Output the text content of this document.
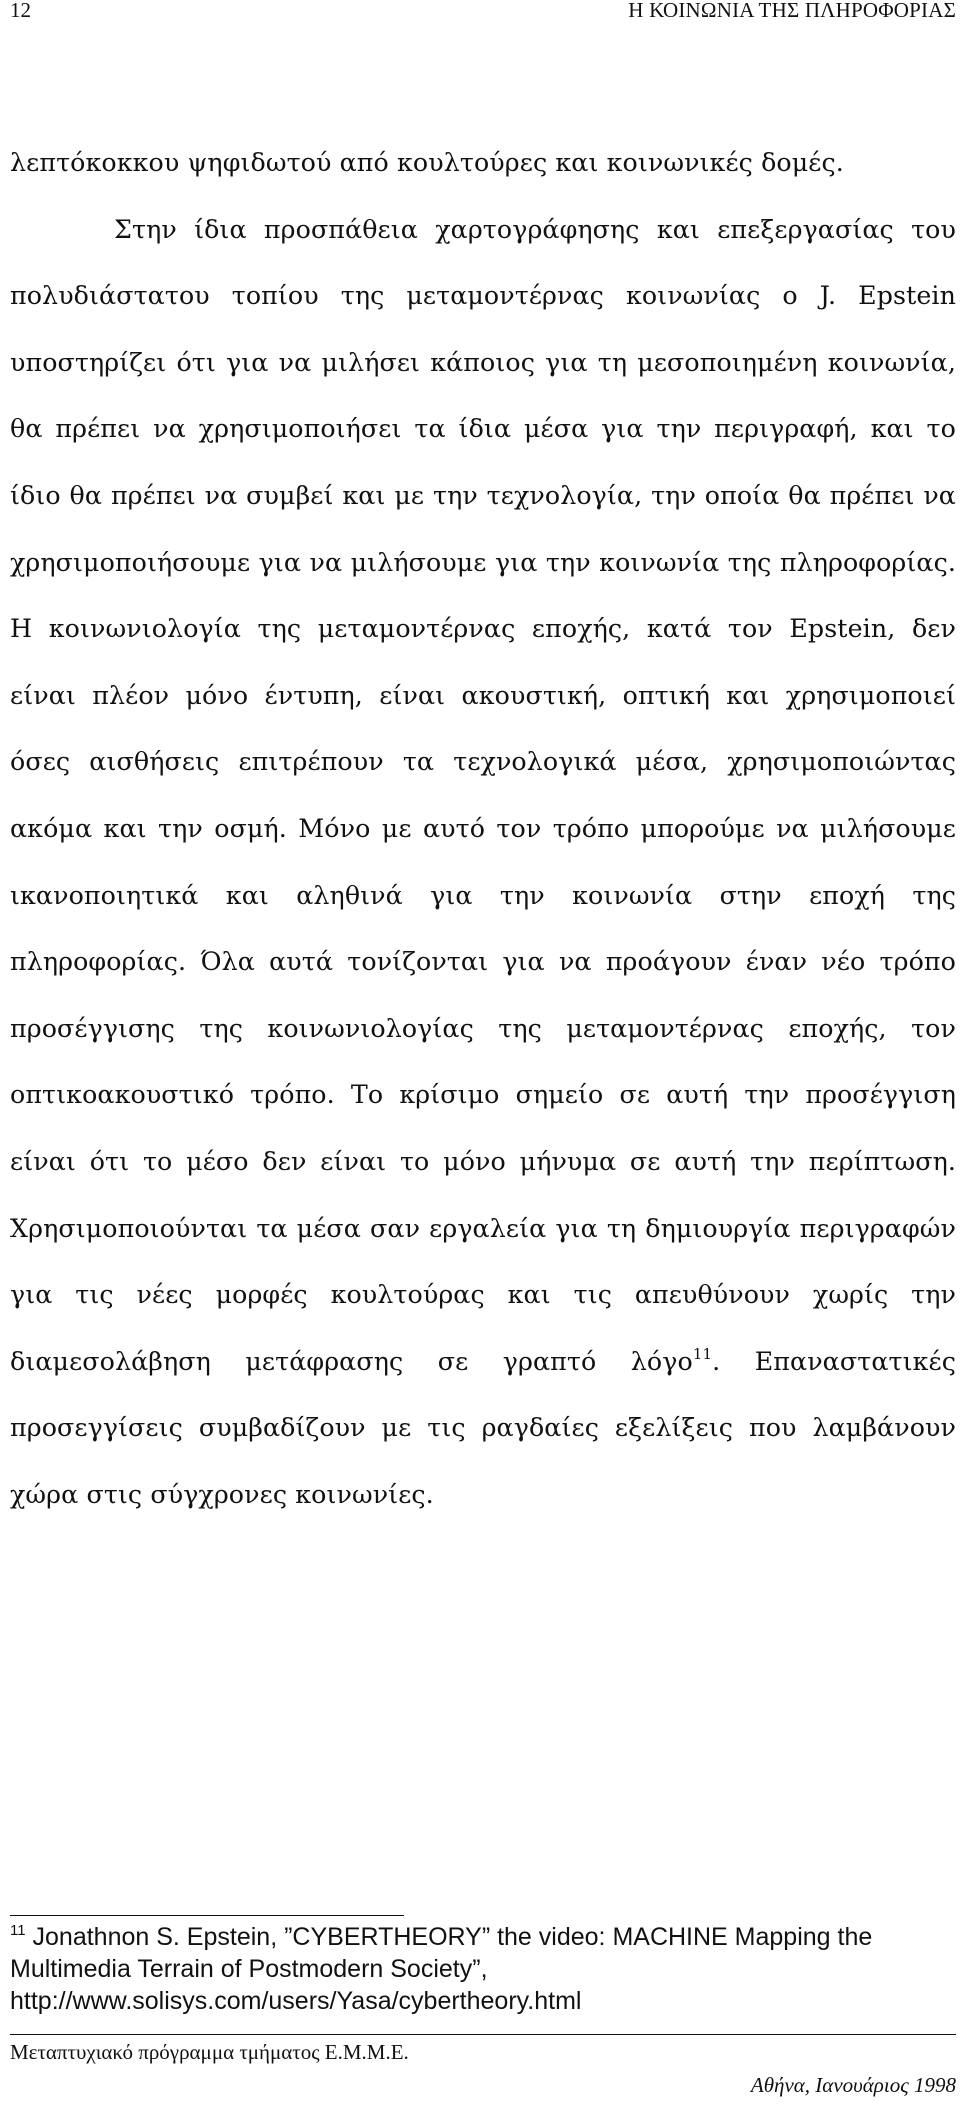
12	Η ΚΟΙΝΩΝΙΑ ΤΗΣ ΠΛΗΡΟΦΟΡΙΑΣ

λεπτόκοκκου ψηφιδωτού από κουλτούρες και κοινωνικές δομές.

Στην ίδια προσπάθεια χαρτογράφησης και επεξεργασίας του πολυδιάστατου τοπίου της μεταμοντέρνας κοινωνίας ο J. Epstein υποστηρίζει ότι για να μιλήσει κάποιος για τη μεσοποιημένη κοινωνία, θα πρέπει να χρησιμοποιήσει τα ίδια μέσα για την περιγραφή, και το ίδιο θα πρέπει να συμβεί και με την τεχνολογία, την οποία θα πρέπει να χρησιμοποιήσουμε για να μιλήσουμε για την κοινωνία της πληροφορίας. Η κοινωνιολογία της μεταμοντέρνας εποχής, κατά τον Epstein, δεν είναι πλέον μόνο έντυπη, είναι ακουστική, οπτική και χρησιμοποιεί όσες αισθήσεις επιτρέπουν τα τεχνολογικά μέσα, χρησιμοποιώντας ακόμα και την οσμή. Μόνο με αυτό τον τρόπο μπορούμε να μιλήσουμε ικανοποιητικά και αληθινά για την κοινωνία στην εποχή της πληροφορίας. Όλα αυτά τονίζονται για να προάγουν έναν νέο τρόπο προσέγγισης της κοινωνιολογίας της μεταμοντέρνας εποχής, τον οπτικοακουστικό τρόπο. Το κρίσιμο σημείο σε αυτή την προσέγγιση είναι ότι το μέσο δεν είναι το μόνο μήνυμα σε αυτή την περίπτωση. Χρησιμοποιούνται τα μέσα σαν εργαλεία για τη δημιουργία περιγραφών για τις νέες μορφές κουλτούρας και τις απευθύνουν χωρίς την διαμεσολάβηση μετάφρασης σε γραπτό λόγο$^{11}$. Επαναστατικές προσεγγίσεις συμβαδίζουν με τις ραγδαίες εξελίξεις που λαμβάνουν χώρα στις σύγχρονες κοινωνίες.

$^{11}$ Jonathnon S. Epstein, ”CYBERTHEORY” the video: MACHINE Mapping the Multimedia Terrain of Postmodern Society”, http://www.solisys.com/users/Yasa/cybertheory.html
Μεταπτυχιακό πρόγραμμα τμήματος Ε.Μ.Μ.Ε.
Αθήνα, Ιανουάριος 1998
